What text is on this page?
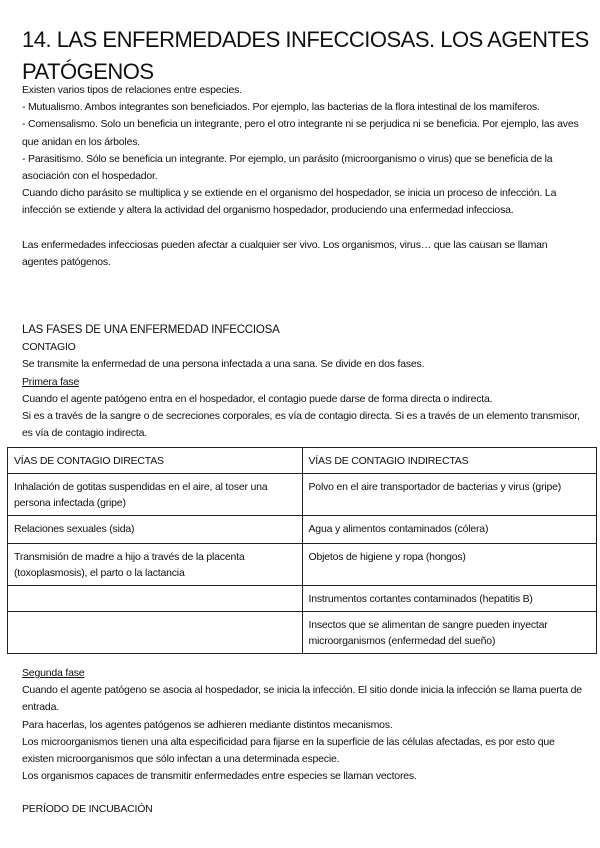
14. LAS ENFERMEDADES INFECCIOSAS. LOS AGENTES PATÓGENOS

Existen varios tipos de relaciones entre especies.

- Mutualismo. Ambos integrantes son beneficiados. Por ejemplo, las bacterias de la flora intestinal de los mamíferos.

- Comensalismo. Solo un beneficia un integrante, pero el otro integrante ni se perjudica ni se beneficia. Por ejemplo, las aves que anidan en los árboles.

- Parasitismo. Sólo se beneficia un integrante. Por ejemplo, un parásito (microorganismo o virus) que se beneficia de la asociación con el hospedador.

Cuando dicho parásito se multiplica y se extiende en el organismo del hospedador, se inicia un proceso de infección. La infección se extiende y altera la actividad del organismo hospedador, produciendo una enfermedad infecciosa.

Las enfermedades infecciosas pueden afectar a cualquier ser vivo. Los organismos, virus… que las causan se llaman agentes patógenos.

LAS FASES DE UNA ENFERMEDAD INFECCIOSA

CONTAGIO

Se transmite la enfermedad de una persona infectada a una sana. Se divide en dos fases.

Primera fase

Cuando el agente patógeno entra en el hospedador, el contagio puede darse de forma directa o indirecta.

Si es a través de la sangre o de secreciones corporales, es vía de contagio directa. Si es a través de un elemento transmisor, es vía de contagio indirecta.

VÍAS DE CONTAGIO DIRECTAS	VÍAS DE CONTAGIO INDIRECTAS
Inhalación de gotitas suspendidas en el aire, al toser una persona infectada (gripe)	Polvo en el aire transportador de bacterias y virus (gripe)
Relaciones sexuales (sida)	Agua y alimentos contaminados (cólera)
Transmisión de madre a hijo a través de la placenta (toxoplasmosis), el parto o la lactancia	Objetos de higiene y ropa (hongos)
	Instrumentos cortantes contaminados (hepatitis B)
	Insectos que se alimentan de sangre pueden inyectar microorganismos (enfermedad del sueño)

Segunda fase

Cuando el agente patógeno se asocia al hospedador, se inicia la infección. El sitio donde inicia la infección se llama puerta de entrada.

Para hacerlas, los agentes patógenos se adhieren mediante distintos mecanismos.

Los microorganismos tienen una alta especificidad para fijarse en la superficie de las células afectadas, es por esto que existen microorganismos que sólo infectan a una determinada especie.

Los organismos capaces de transmitir enfermedades entre especies se llaman vectores.

PERÍODO DE INCUBACIÓN
